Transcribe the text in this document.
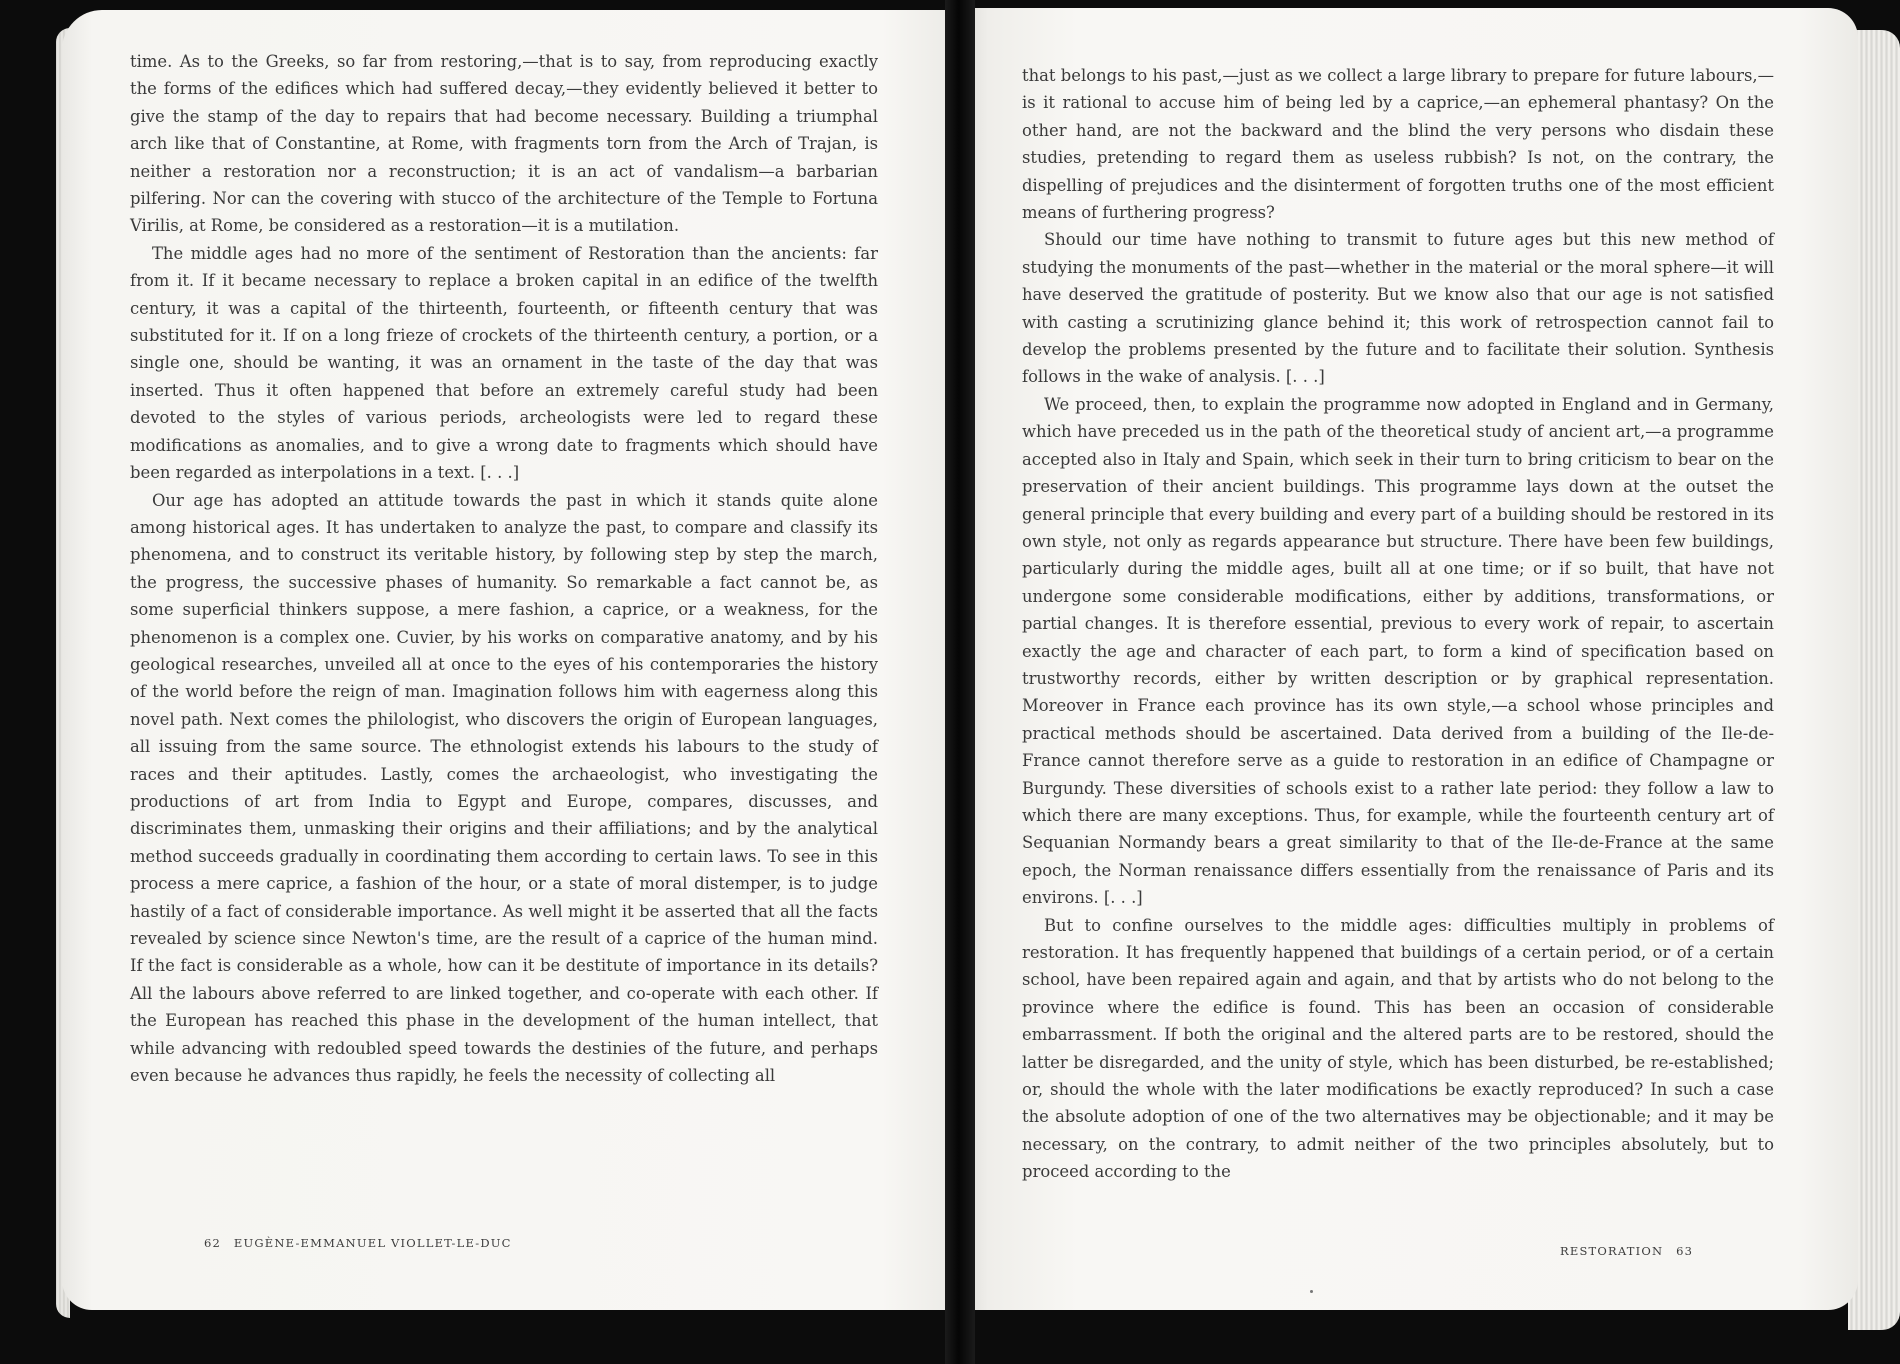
time. As to the Greeks, so far from restoring,—that is to say, from reproducing exactly the forms of the edifices which had suffered decay,—they evidently believed it better to give the stamp of the day to repairs that had become necessary. Building a triumphal arch like that of Constantine, at Rome, with fragments torn from the Arch of Trajan, is neither a restoration nor a reconstruction; it is an act of vandalism—a barbarian pilfering. Nor can the covering with stucco of the architecture of the Temple to Fortuna Virilis, at Rome, be considered as a restoration—it is a mutilation.

The middle ages had no more of the sentiment of Restoration than the ancients: far from it. If it became necessary to replace a broken capital in an edifice of the twelfth century, it was a capital of the thirteenth, fourteenth, or fifteenth century that was substituted for it. If on a long frieze of crockets of the thirteenth century, a portion, or a single one, should be wanting, it was an ornament in the taste of the day that was inserted. Thus it often happened that before an extremely careful study had been devoted to the styles of various periods, archeologists were led to regard these modifications as anomalies, and to give a wrong date to fragments which should have been regarded as interpolations in a text. [. . .]

Our age has adopted an attitude towards the past in which it stands quite alone among historical ages. It has undertaken to analyze the past, to compare and classify its phenomena, and to construct its veritable history, by following step by step the march, the progress, the successive phases of humanity. So remarkable a fact cannot be, as some superficial thinkers suppose, a mere fashion, a caprice, or a weakness, for the phenomenon is a complex one. Cuvier, by his works on comparative anatomy, and by his geological researches, unveiled all at once to the eyes of his contemporaries the history of the world before the reign of man. Imagination follows him with eagerness along this novel path. Next comes the philologist, who discovers the origin of European languages, all issuing from the same source. The ethnologist extends his labours to the study of races and their aptitudes. Lastly, comes the archaeologist, who investigating the productions of art from India to Egypt and Europe, compares, discusses, and discriminates them, unmasking their origins and their affiliations; and by the analytical method succeeds gradually in coordinating them according to certain laws. To see in this process a mere caprice, a fashion of the hour, or a state of moral distemper, is to judge hastily of a fact of considerable importance. As well might it be asserted that all the facts revealed by science since Newton's time, are the result of a caprice of the human mind. If the fact is considerable as a whole, how can it be destitute of importance in its details? All the labours above referred to are linked together, and co-operate with each other. If the European has reached this phase in the development of the human intellect, that while advancing with redoubled speed towards the destinies of the future, and perhaps even because he advances thus rapidly, he feels the necessity of collecting all

62 EUGÈNE-EMMANUEL VIOLLET-LE-DUC

that belongs to his past,—just as we collect a large library to prepare for future labours,—is it rational to accuse him of being led by a caprice,—an ephemeral phantasy? On the other hand, are not the backward and the blind the very persons who disdain these studies, pretending to regard them as useless rubbish? Is not, on the contrary, the dispelling of prejudices and the disinterment of forgotten truths one of the most efficient means of furthering progress?

Should our time have nothing to transmit to future ages but this new method of studying the monuments of the past—whether in the material or the moral sphere—it will have deserved the gratitude of posterity. But we know also that our age is not satisfied with casting a scrutinizing glance behind it; this work of retrospection cannot fail to develop the problems presented by the future and to facilitate their solution. Synthesis follows in the wake of analysis. [. . .]

We proceed, then, to explain the programme now adopted in England and in Germany, which have preceded us in the path of the theoretical study of ancient art,—a programme accepted also in Italy and Spain, which seek in their turn to bring criticism to bear on the preservation of their ancient buildings. This programme lays down at the outset the general principle that every building and every part of a building should be restored in its own style, not only as regards appearance but structure. There have been few buildings, particularly during the middle ages, built all at one time; or if so built, that have not undergone some considerable modifications, either by additions, transformations, or partial changes. It is therefore essential, previous to every work of repair, to ascertain exactly the age and character of each part, to form a kind of specification based on trustworthy records, either by written description or by graphical representation. Moreover in France each province has its own style,—a school whose principles and practical methods should be ascertained. Data derived from a building of the Ile-de-France cannot therefore serve as a guide to restoration in an edifice of Champagne or Burgundy. These diversities of schools exist to a rather late period: they follow a law to which there are many exceptions. Thus, for example, while the fourteenth century art of Sequanian Normandy bears a great similarity to that of the Ile-de-France at the same epoch, the Norman renaissance differs essentially from the renaissance of Paris and its environs. [. . .]

But to confine ourselves to the middle ages: difficulties multiply in problems of restoration. It has frequently happened that buildings of a certain period, or of a certain school, have been repaired again and again, and that by artists who do not belong to the province where the edifice is found. This has been an occasion of considerable embarrassment. If both the original and the altered parts are to be restored, should the latter be disregarded, and the unity of style, which has been disturbed, be re-established; or, should the whole with the later modifications be exactly reproduced? In such a case the absolute adoption of one of the two alternatives may be objectionable; and it may be necessary, on the contrary, to admit neither of the two principles absolutely, but to proceed according to the

RESTORATION 63
